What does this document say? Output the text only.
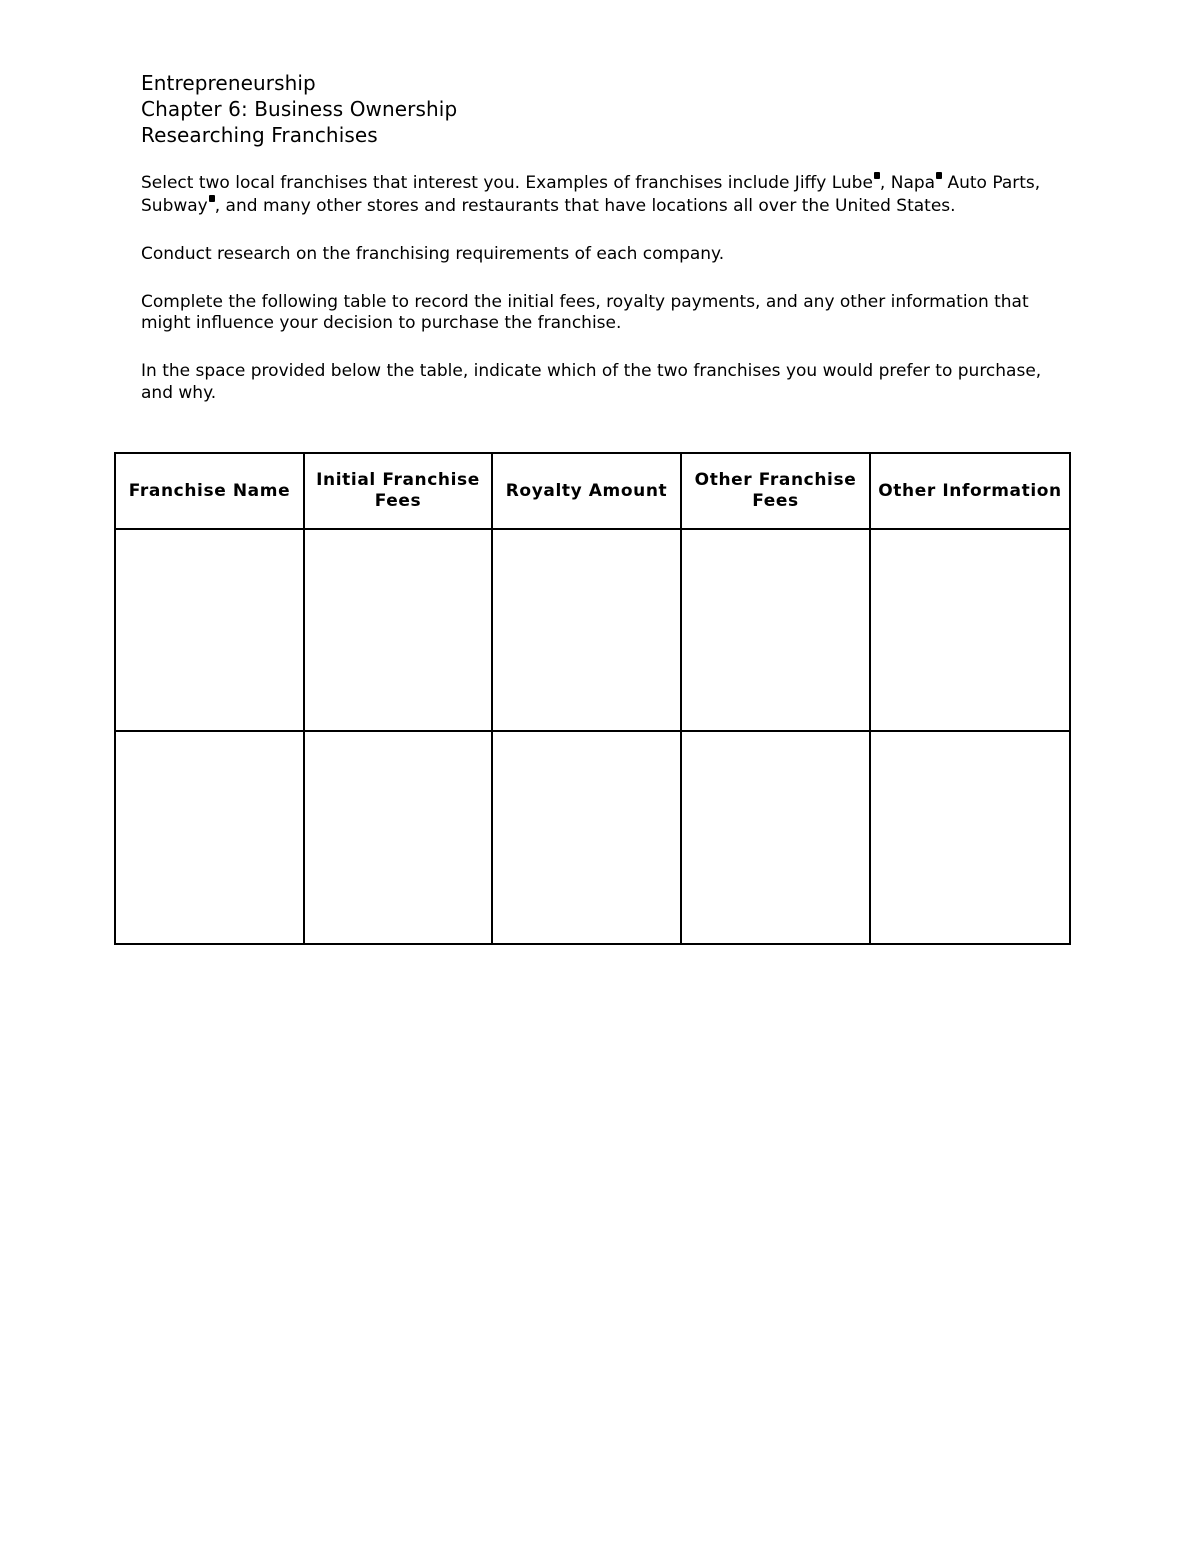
Entrepreneurship
Chapter 6: Business Ownership
Researching Franchises

Select two local franchises that interest you. Examples of franchises include Jiffy Lube , Napa Auto Parts, Subway , and many other stores and restaurants that have locations all over the United States.

Conduct research on the franchising requirements of each company.

Complete the following table to record the initial fees, royalty payments, and any other information that might influence your decision to purchase the franchise.

In the space provided below the table, indicate which of the two franchises you would prefer to purchase, and why.

Franchise Name	Initial Franchise Fees	Royalty Amount	Other Franchise Fees	Other Information
